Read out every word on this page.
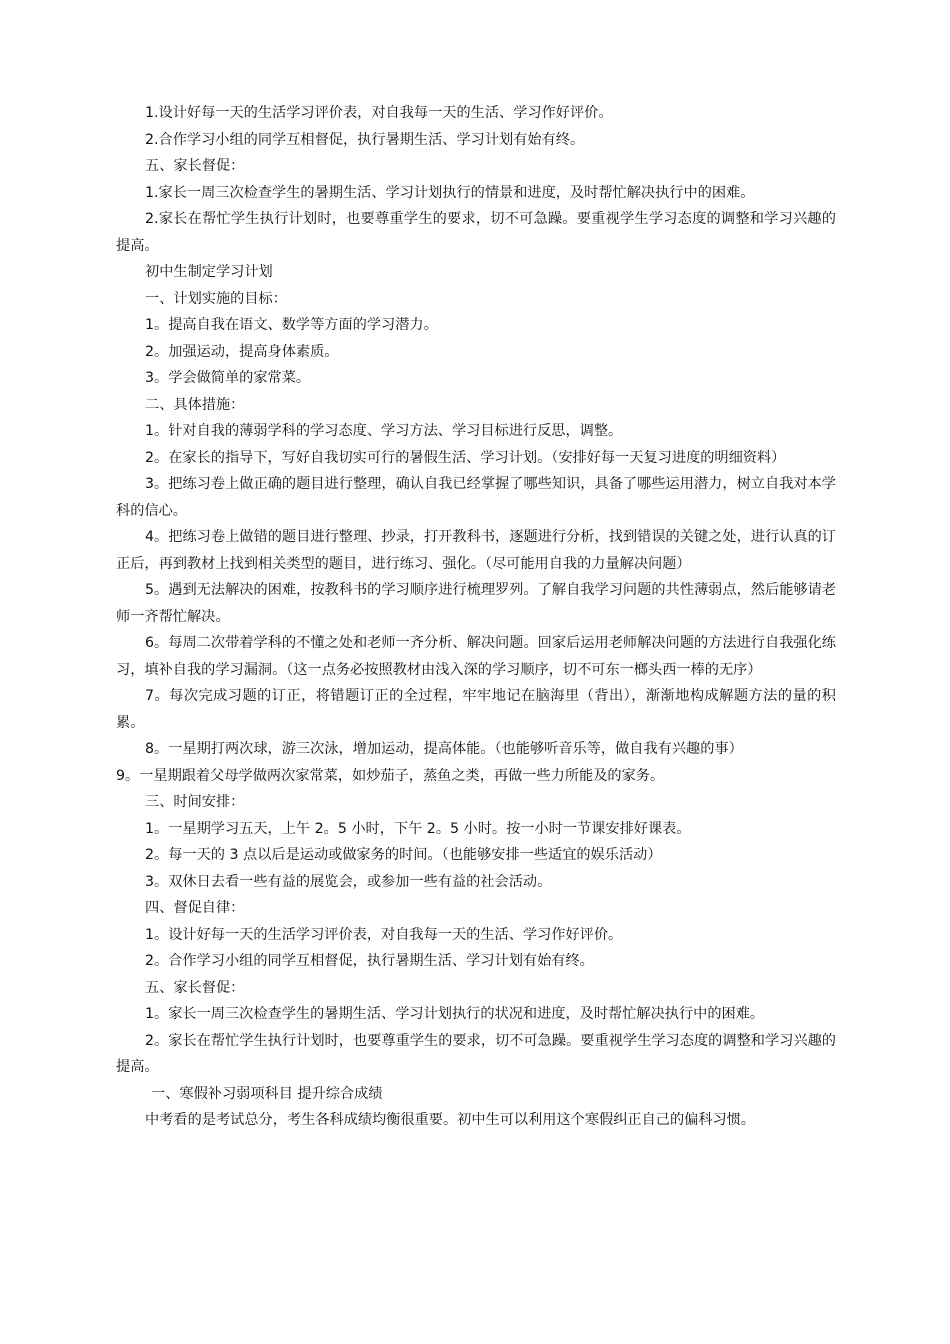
1.设计好每一天的生活学习评价表，对自我每一天的生活、学习作好评价。

2.合作学习小组的同学互相督促，执行暑期生活、学习计划有始有终。

五、家长督促：

1.家长一周三次检查学生的暑期生活、学习计划执行的情景和进度，及时帮忙解决执行中的困难。

2.家长在帮忙学生执行计划时，也要尊重学生的要求，切不可急躁。要重视学生学习态度的调整和学习兴趣的提高。

初中生制定学习计划

一、计划实施的目标：

1。提高自我在语文、数学等方面的学习潜力。

2。加强运动，提高身体素质。

3。学会做简单的家常菜。

二、具体措施：

1。针对自我的薄弱学科的学习态度、学习方法、学习目标进行反思，调整。

2。在家长的指导下，写好自我切实可行的暑假生活、学习计划。（安排好每一天复习进度的明细资料）

3。把练习卷上做正确的题目进行整理，确认自我已经掌握了哪些知识，具备了哪些运用潜力，树立自我对本学科的信心。

4。把练习卷上做错的题目进行整理、抄录，打开教科书，逐题进行分析，找到错误的关键之处，进行认真的订正后，再到教材上找到相关类型的题目，进行练习、强化。（尽可能用自我的力量解决问题）

5。遇到无法解决的困难，按教科书的学习顺序进行梳理罗列。了解自我学习问题的共性薄弱点，然后能够请老师一齐帮忙解决。

6。每周二次带着学科的不懂之处和老师一齐分析、解决问题。回家后运用老师解决问题的方法进行自我强化练习，填补自我的学习漏洞。（这一点务必按照教材由浅入深的学习顺序，切不可东一榔头西一棒的无序）

7。每次完成习题的订正，将错题订正的全过程，牢牢地记在脑海里（背出），渐渐地构成解题方法的量的积累。

8。一星期打两次球，游三次泳，增加运动，提高体能。（也能够听音乐等，做自我有兴趣的事）

9。一星期跟着父母学做两次家常菜，如炒茄子，蒸鱼之类，再做一些力所能及的家务。

三、时间安排：

1。一星期学习五天，上午 2。5 小时，下午 2。5 小时。按一小时一节课安排好课表。

2。每一天的 3 点以后是运动或做家务的时间。（也能够安排一些适宜的娱乐活动）

3。双休日去看一些有益的展览会，或参加一些有益的社会活动。

四、督促自律：

1。设计好每一天的生活学习评价表，对自我每一天的生活、学习作好评价。

2。合作学习小组的同学互相督促，执行暑期生活、学习计划有始有终。

五、家长督促：

1。家长一周三次检查学生的暑期生活、学习计划执行的状况和进度，及时帮忙解决执行中的困难。

2。家长在帮忙学生执行计划时，也要尊重学生的要求，切不可急躁。要重视学生学习态度的调整和学习兴趣的提高。

一、寒假补习弱项科目 提升综合成绩

中考看的是考试总分，考生各科成绩均衡很重要。初中生可以利用这个寒假纠正自己的偏科习惯。
